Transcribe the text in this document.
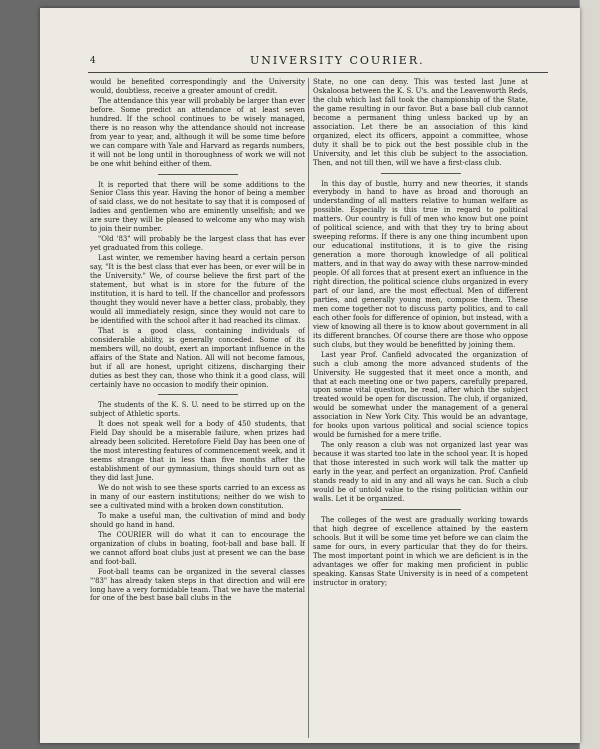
4	UNIVERSITY COURIER.

would be benefited correspondingly and the University would, doubtless, receive a greater amount of credit.

The attendance this year will probably be larger than ever before. Some predict an attendance of at least seven hundred. If the school continues to be wisely managed, there is no reason why the attendance should not increase from year to year, and, although it will be some time before we can compare with Yale and Harvard as regards numbers, it will not be long until in thoroughness of work we will not be one whit behind either of them.

It is reported that there will be some additions to the Senior Class this year. Having the honor of being a member of said class, we do not hesitate to say that it is composed of ladies and gentlemen who are eminently unselfish; and we are sure they will be pleased to welcome any who may wish to join their number.

"Old '83" will probably be the largest class that has ever yet graduated from this college.

Last winter, we remember having heard a certain person say, "It is the best class that ever has been, or ever will be in the University." We, of course believe the first part of the statement, but what is in store for the future of the institution, it is hard to tell. If the chancellor and professors thought they would never have a better class, probably, they would all immediately resign, since they would not care to be identified with the school after it had reached its climax.

That is a good class, containing individuals of considerable ability, is generally conceded. Some of its members will, no doubt, exert an important influence in the affairs of the State and Nation. All will not become famous, but if all are honest, upright citizens, discharging their duties as best they can, those who think it a good class, will certainly have no occasion to modify their opinion.

The students of the K. S. U. need to be stirred up on the subject of Athletic sports.

It does not speak well for a body of 450 students, that Field Day should be a miserable failure, when prizes had already been solicited. Heretofore Field Day has been one of the most interesting features of commencement week, and it seems strange that in less than five months after the establishment of our gymnasium, things should turn out as they did last June.

We do not wish to see these sports carried to an excess as in many of our eastern institutions; neither do we wish to see a cultivated mind with a broken down constitution.

To make a useful man, the cultivation of mind and body should go hand in hand.

The COURIER will do what it can to encourage the organization of clubs in boating, foot-ball and base ball. If we cannot afford boat clubs just at present we can the base and foot-ball.

Foot-ball teams can be organized in the several classes "'83" has already taken steps in that direction and will ere long have a very formidable team. That we have the material for one of the best base ball clubs in the

State, no one can deny. This was tested last June at Oskaloosa between the K. S. U's. and the Leavenworth Reds, the club which last fall took the championship of the State, the game resulting in our favor. But a base ball club cannot become a permanent thing unless backed up by an association. Let there be an association of this kind organized, elect its officers, appoint a committee, whose duty it shall be to pick out the best possible club in the University, and let this club be subject to the association. Then, and not till then, will we have a first-class club.

In this day of bustle, hurry and new theories, it stands everybody in hand to have as broad and thorough an understanding of all matters relative to human welfare as possible. Especially is this true in regard to political matters. Our country is full of men who know but one point of political science, and with that they try to bring about sweeping reforms. If there is any one thing incumbent upon our educational institutions, it is to give the rising generation a more thorough knowledge of all political matters, and in that way do away with these narrow-minded people. Of all forces that at present exert an influence in the right direction, the political science clubs organized in every part of our land, are the most effectual. Men of different parties, and generally young men, compose them. These men come together not to discuss party politics, and to call each other fools for difference of opinion, but instead, with a view of knowing all there is to know about government in all its different branches. Of course there are those who oppose such clubs, but they would be benefitted by joining them.

Last year Prof. Canfield advocated the organization of such a club among the more advanced students of the University. He suggested that it meet once a month, and that at each meeting one or two papers, carefully prepared, upon some vital question, be read, after which the subject treated would be open for discussion. The club, if organized, would be somewhat under the management of a general association in New York City. This would be an advantage, for books upon various political and social science topics would be furnished for a mere trifle.

The only reason a club was not organized last year was because it was started too late in the school year. It is hoped that those interested in such work will talk the matter up early in the year, and perfect an organization. Prof. Canfield stands ready to aid in any and all ways he can. Such a club would be of untold value to the rising politician within our walls. Let it be organized.

The colleges of the west are gradually working towards that high degree of excellence attained by the eastern schools. But it will be some time yet before we can claim the same for ours, in every particular that they do for theirs. The most important point in which we are deficient is in the advantages we offer for making men proficient in public speaking. Kansas State University is in need of a competent instructor in oratory;
